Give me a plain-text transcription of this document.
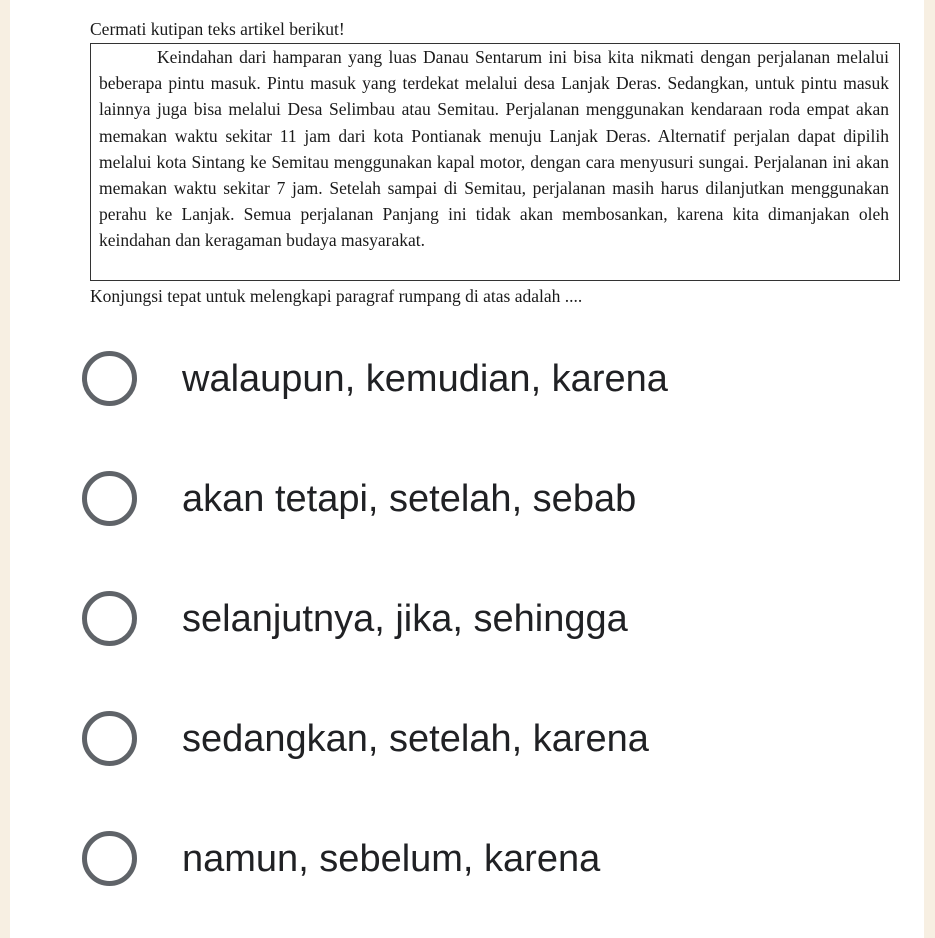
Cermati kutipan teks artikel berikut!

Keindahan dari hamparan yang luas Danau Sentarum ini bisa kita nikmati dengan perjalanan melalui beberapa pintu masuk. Pintu masuk yang terdekat melalui desa Lanjak Deras. Sedangkan, untuk pintu masuk lainnya juga bisa melalui Desa Selimbau atau Semitau. Perjalanan menggunakan kendaraan roda empat akan memakan waktu sekitar 11 jam dari kota Pontianak menuju Lanjak Deras. Alternatif perjalan dapat dipilih melalui kota Sintang ke Semitau menggunakan kapal motor, dengan cara menyusuri sungai. Perjalanan ini akan memakan waktu sekitar 7 jam. Setelah sampai di Semitau, perjalanan masih harus dilanjutkan menggunakan perahu ke Lanjak. Semua perjalanan Panjang ini tidak akan membosankan, karena kita dimanjakan oleh keindahan dan keragaman budaya masyarakat.

Konjungsi tepat untuk melengkapi paragraf rumpang di atas adalah ....
walaupun, kemudian, karena
akan tetapi, setelah, sebab
selanjutnya, jika, sehingga
sedangkan, setelah, karena
namun, sebelum, karena
